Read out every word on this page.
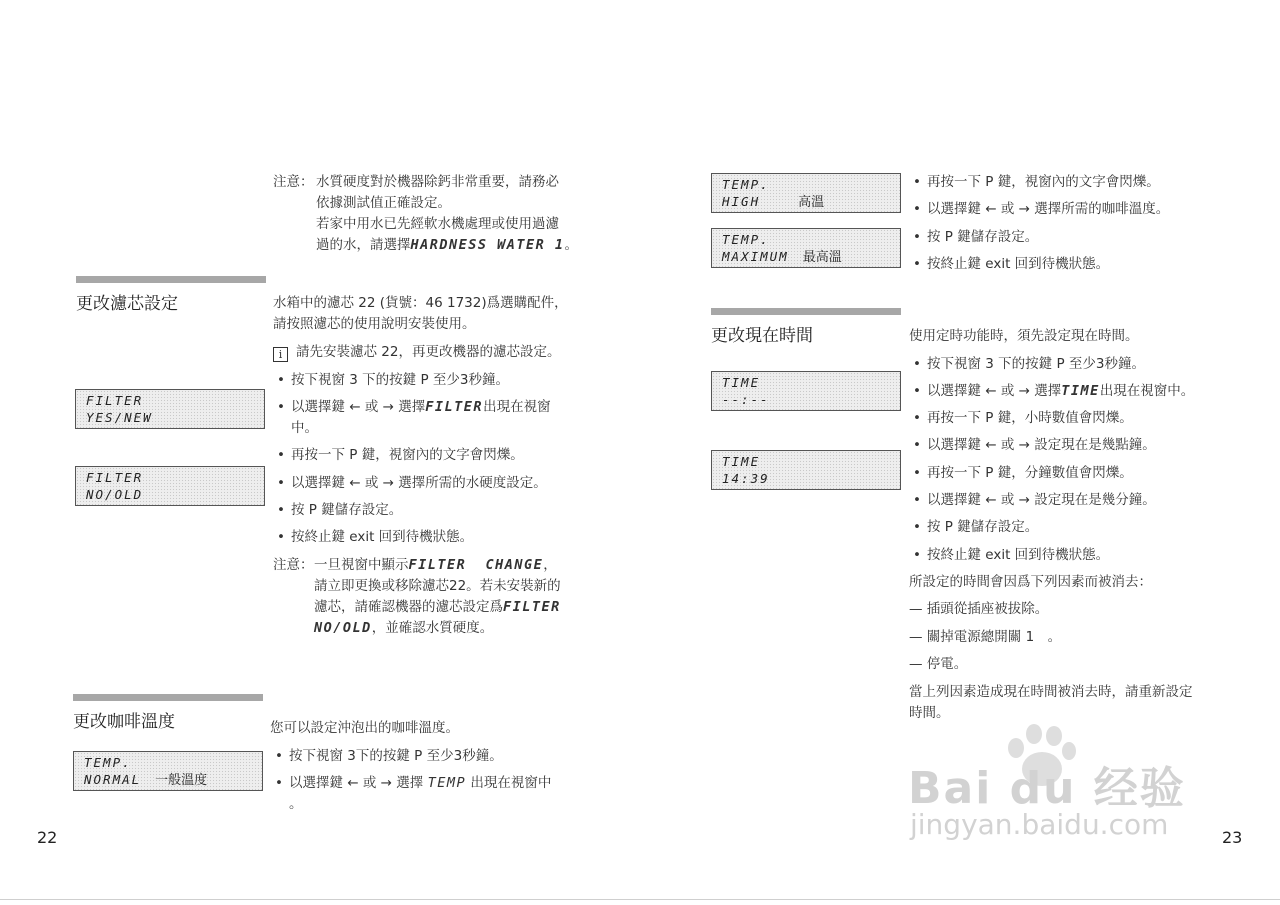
注意： 水質硬度對於機器除鈣非常重要，請務必
依據測試值正確設定。
若家中用水已先經軟水機處理或使用過濾
過的水，請選擇HARDNESS WATER 1。
更改濾芯設定	水箱中的濾芯 22 (貨號：46 1732)爲選購配件，
請按照濾芯的使用說明安裝使用。
i 請先安裝濾芯 22，再更改機器的濾芯設定。
FILTER
YES/NEW
FILTER
NO/OLD
• 按下視窗 3 下的按鍵 P 至少3秒鐘。
• 以選擇鍵 ← 或 → 選擇FILTER出現在視窗
中。
• 再按一下 P 鍵，視窗內的文字會閃爍。
• 以選擇鍵 ← 或 → 選擇所需的水硬度設定。
• 按 P 鍵儲存設定。
• 按終止鍵 exit 回到待機狀態。
注意： 一旦視窗中顯示FILTER  CHANGE，
請立即更換或移除濾芯22。若未安裝新的
濾芯，請確認機器的濾芯設定爲FILTER
NO/OLD，並確認水質硬度。
更改咖啡溫度	您可以設定沖泡出的咖啡溫度。
TEMP.
NORMAL 一般溫度
• 按下視窗 3下的按鍵 P 至少3秒鐘。
• 以選擇鍵 ← 或 → 選擇 TEMP 出現在視窗中
。
22
TEMP.
HIGH	高溫
TEMP.
MAXIMUM 最高溫
• 再按一下 P 鍵，視窗內的文字會閃爍。
• 以選擇鍵 ← 或 → 選擇所需的咖啡溫度。
• 按 P 鍵儲存設定。
• 按終止鍵 exit 回到待機狀態。
更改現在時間	使用定時功能時，須先設定現在時間。
TIME
--:--
TIME
14:39
• 按下視窗 3 下的按鍵 P 至少3秒鐘。
• 以選擇鍵 ← 或 → 選擇TIME出現在視窗中。
• 再按一下 P 鍵，小時數值會閃爍。
• 以選擇鍵 ← 或 → 設定現在是幾點鐘。
• 再按一下 P 鍵，分鐘數值會閃爍。
• 以選擇鍵 ← 或 → 設定現在是幾分鐘。
• 按 P 鍵儲存設定。
• 按終止鍵 exit 回到待機狀態。
所設定的時間會因爲下列因素而被消去：
— 插頭從插座被拔除。
— 關掉電源總開關 1　。
— 停電。
當上列因素造成現在時間被消去時，請重新設定
時間。
23
Bai du 经验
jingyan.baidu.com
